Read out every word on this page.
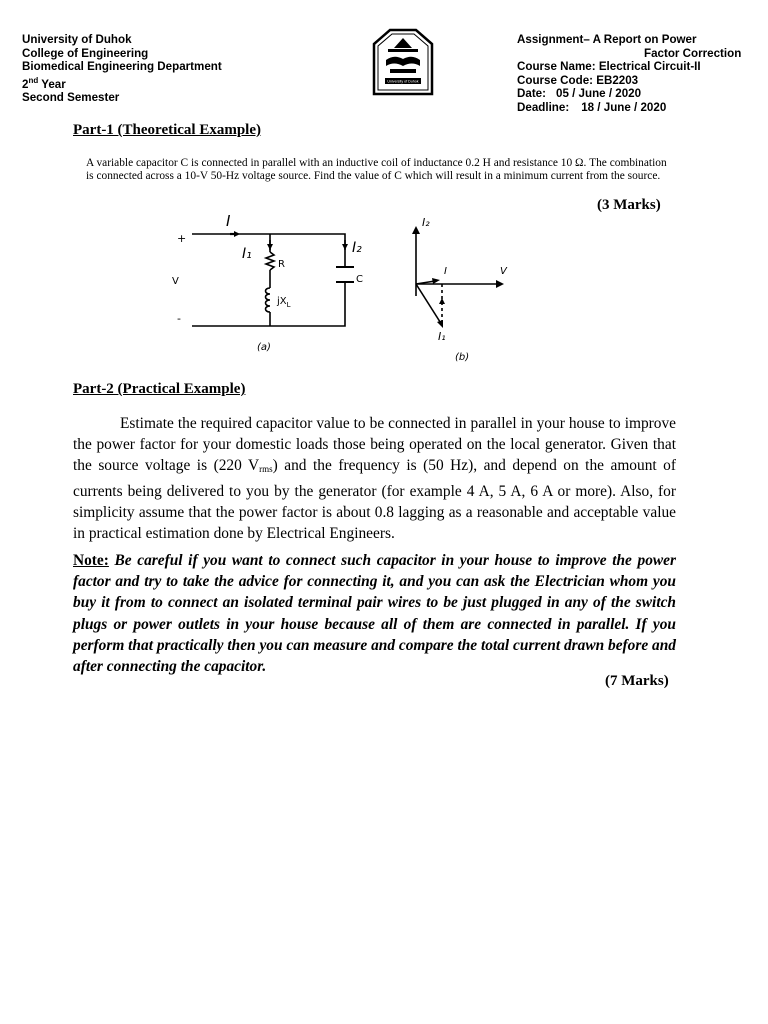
University of Duhok
College of Engineering
Biomedical Engineering Department
2nd Year
Second Semester
University of Duhok
Assignment– A Report on Power
Factor Correction
Course Name: Electrical Circuit-II
Course Code: EB2203
Date: 05 / June / 2020
Deadline: 18 / June / 2020
Part-1 (Theoretical Example)
A variable capacitor C is connected in parallel with an inductive coil of inductance 0.2 H and resistance 10 Ω. The combination is connected across a 10-V 50-Hz voltage source. Find the value of C which will result in a minimum current from the source.
(3 Marks)
I
I₁	I₂
R
$jX_L$
C
V
+
-
(a)
I₂
I	V
I₁
(b)
Part-2 (Practical Example)
Estimate the required capacitor value to be connected in parallel in your house to improve the power factor for your domestic loads those being operated on the local generator. Given that the source voltage is (220 $V_{rms}$) and the frequency is (50 Hz), and depend on the amount of currents being delivered to you by the generator (for example 4 A, 5 A, 6 A or more). Also, for simplicity assume that the power factor is about 0.8 lagging as a reasonable and acceptable value in practical estimation done by Electrical Engineers.
Note: Be careful if you want to connect such capacitor in your house to improve the power factor and try to take the advice for connecting it, and you can ask the Electrician whom you buy it from to connect an isolated terminal pair wires to be just plugged in any of the switch plugs or power outlets in your house because all of them are connected in parallel. If you perform that practically then you can measure and compare the total current drawn before and after connecting the capacitor.
(7 Marks)
